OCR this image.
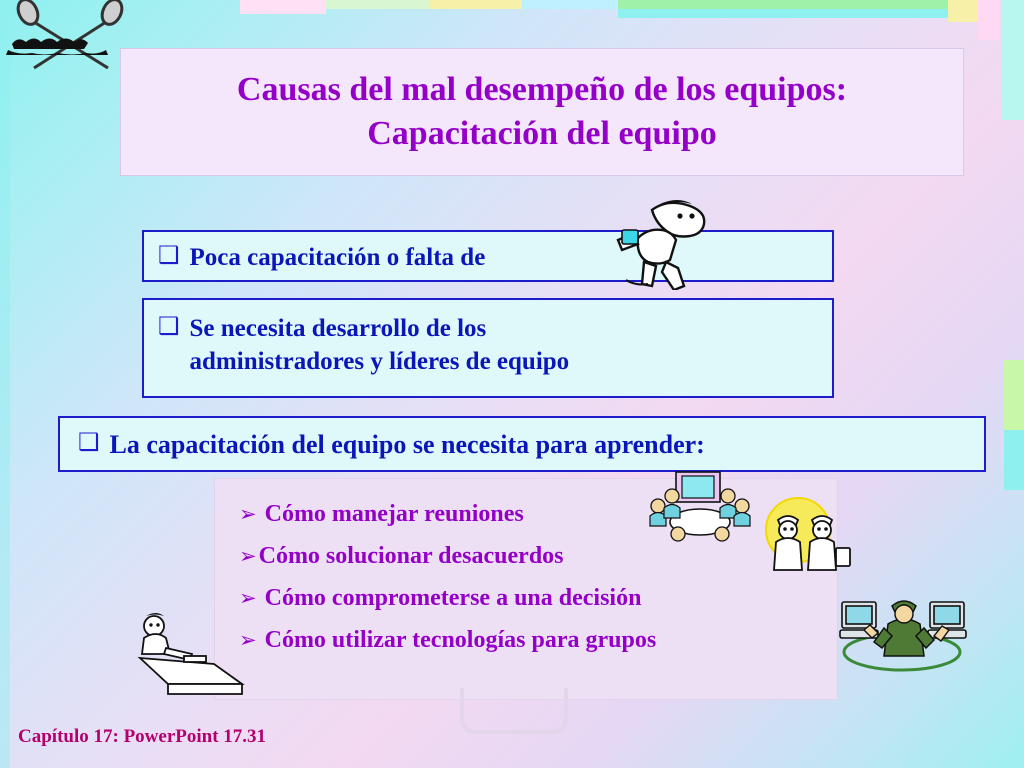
Causas del mal desempeño de los equipos:
Capacitación del equipo
❑ Poca capacitación o falta de
❑ Se necesita desarrollo de los
administradores y líderes de equipo
❑ La capacitación del equipo se necesita para aprender:
➢ Cómo manejar reuniones
➢ Cómo solucionar desacuerdos
➢ Cómo comprometerse a una decisión
➢ Cómo utilizar tecnologías para grupos
Capítulo 17: PowerPoint 17.31
